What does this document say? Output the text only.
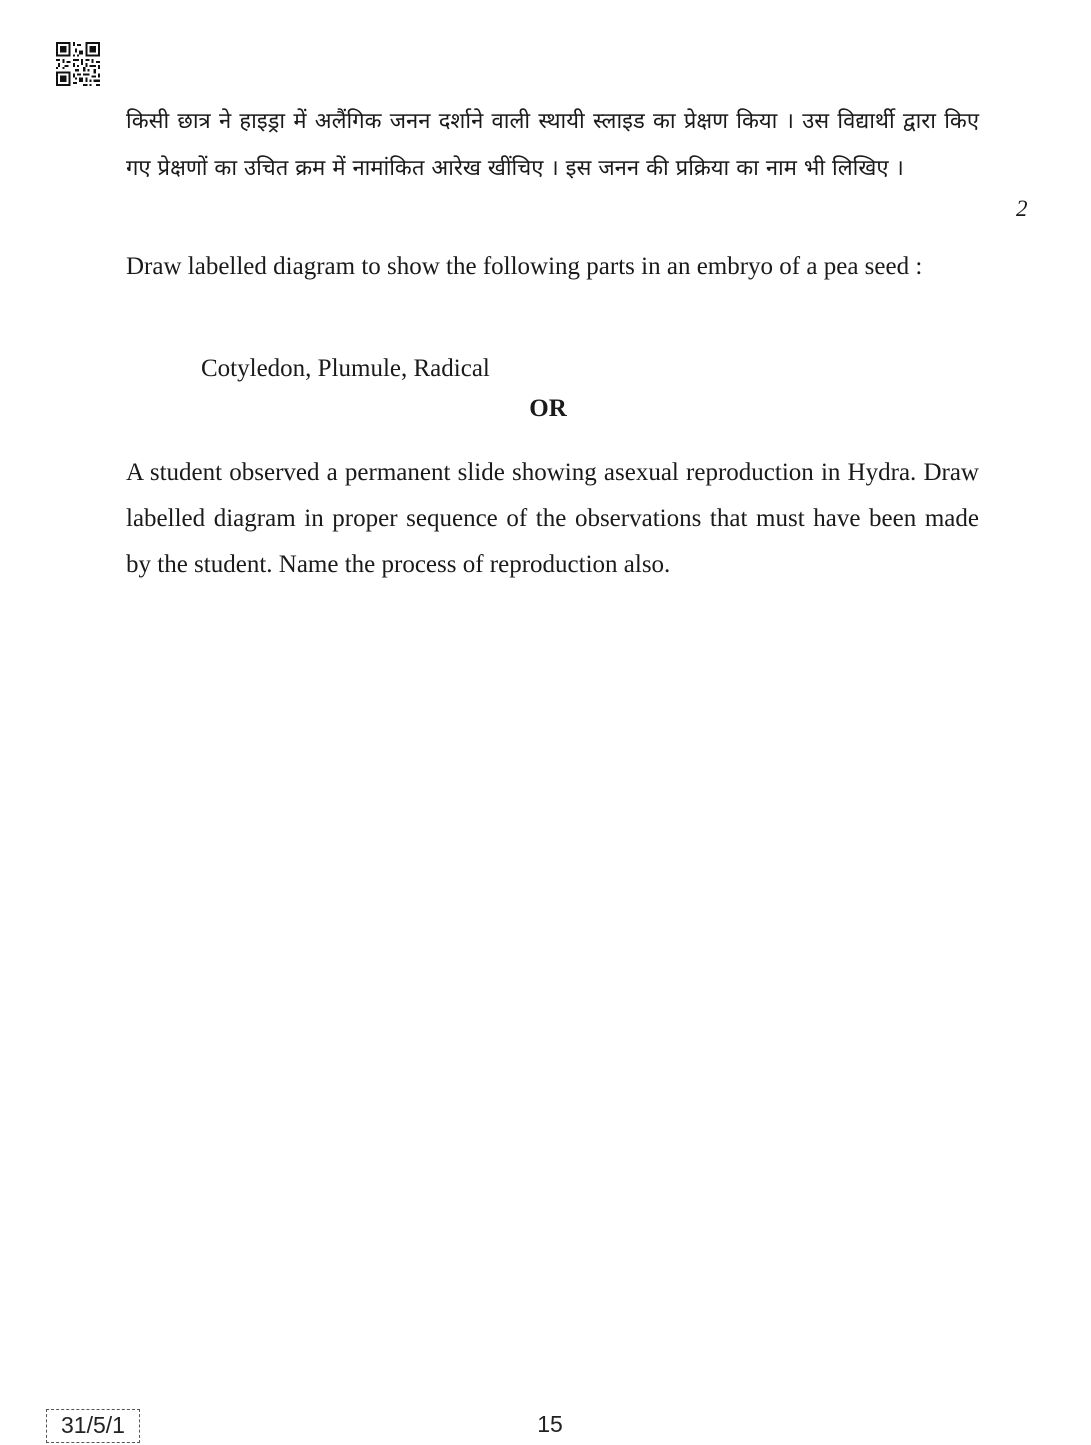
किसी छात्र ने हाइड्रा में अलैंगिक जनन दर्शाने वाली स्थायी स्लाइड का प्रेक्षण किया । उस विद्यार्थी द्वारा किए गए प्रेक्षणों का उचित क्रम में नामांकित आरेख खींचिए । इस जनन की प्रक्रिया का नाम भी लिखिए ।
2
Draw labelled diagram to show the following parts in an embryo of a pea seed :
Cotyledon, Plumule, Radical
OR
A student observed a permanent slide showing asexual reproduction in Hydra. Draw labelled diagram in proper sequence of the observations that must have been made by the student. Name the process of reproduction also.
31/5/1	15
